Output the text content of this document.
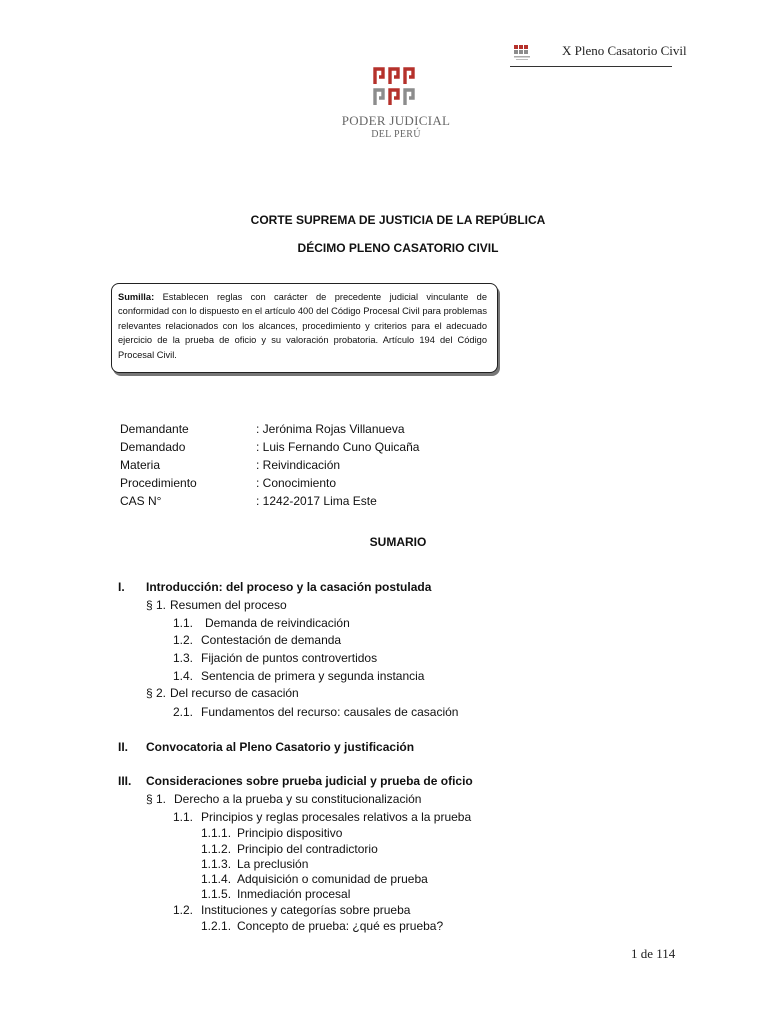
X Pleno Casatorio Civil
PODER JUDICIAL
DEL PERÚ
CORTE SUPREMA DE JUSTICIA DE LA REPÚBLICA
DÉCIMO PLENO CASATORIO CIVIL
Sumilla: Establecen reglas con carácter de precedente judicial vinculante de conformidad con lo dispuesto en el artículo 400 del Código Procesal Civil para problemas relevantes relacionados con los alcances, procedimiento y criterios para el adecuado ejercicio de la prueba de oficio y su valoración probatoria. Artículo 194 del Código Procesal Civil.
Demandante	: Jerónima Rojas Villanueva
Demandado	: Luis Fernando Cuno Quicaña
Materia	: Reivindicación
Procedimiento	: Conocimiento
CAS N°	: 1242-2017 Lima Este
SUMARIO
I. Introducción: del proceso y la casación postulada
§ 1. Resumen del proceso
1.1. Demanda de reivindicación
1.2. Contestación de demanda
1.3. Fijación de puntos controvertidos
1.4. Sentencia de primera y segunda instancia
§ 2. Del recurso de casación
2.1. Fundamentos del recurso: causales de casación
II. Convocatoria al Pleno Casatorio y justificación
III. Consideraciones sobre prueba judicial y prueba de oficio
§ 1. Derecho a la prueba y su constitucionalización
1.1. Principios y reglas procesales relativos a la prueba
1.1.1. Principio dispositivo
1.1.2. Principio del contradictorio
1.1.3. La preclusión
1.1.4. Adquisición o comunidad de prueba
1.1.5. Inmediación procesal
1.2. Instituciones y categorías sobre prueba
1.2.1. Concepto de prueba: ¿qué es prueba?
1 de 114
